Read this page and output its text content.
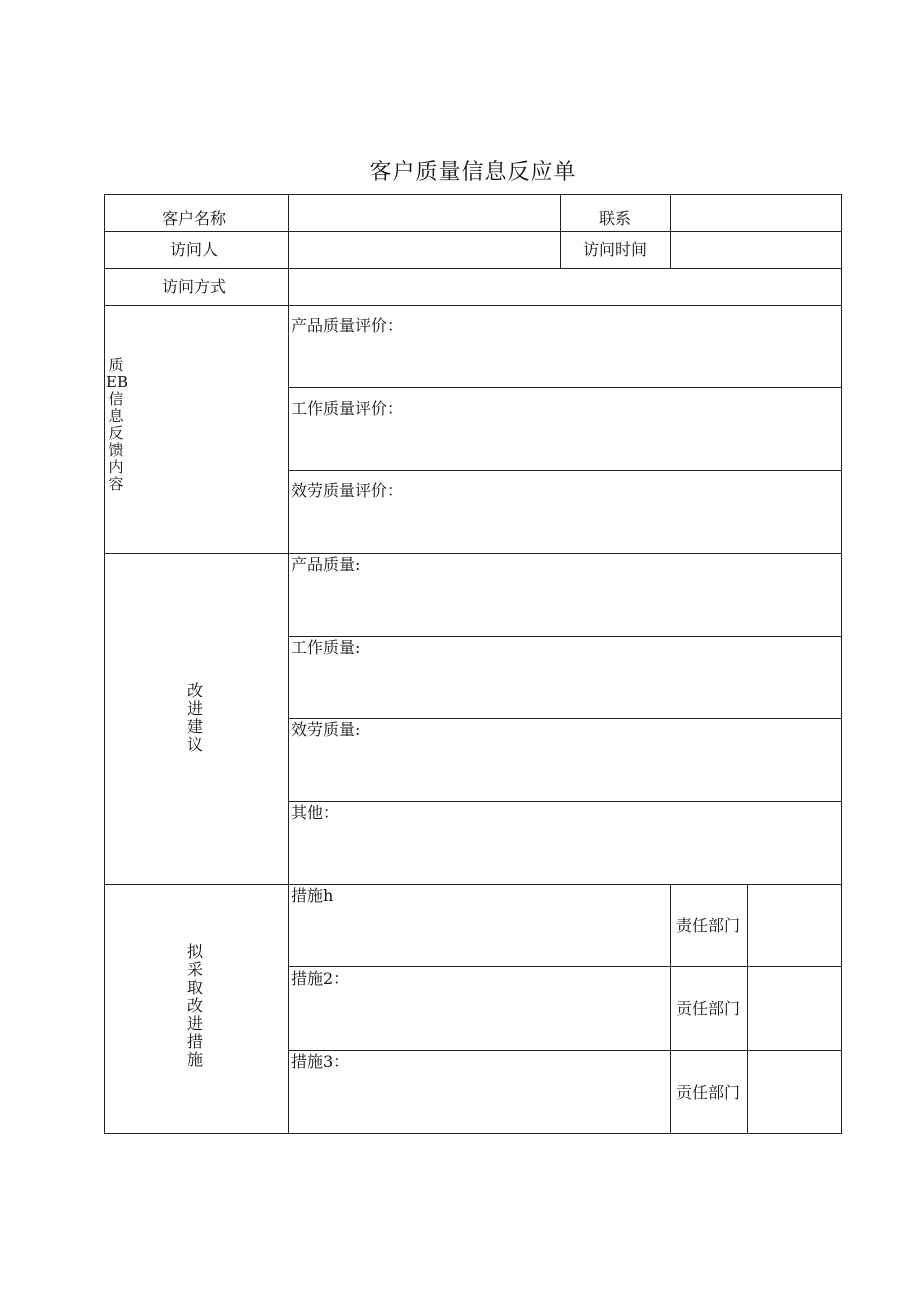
客户质量信息反应单
客户名称	联系
访问人	访问时间
访问方式
质
EB
信
息
反
馈
内
容
产品质量评价：
工作质量评价：
效劳质量评价：
改
进
建
议
产品质量:
工作质量:
效劳质量:
其他：
拟
采
取
改
进
措
施
措施h
责任部门
措施2：
贡任部门
措施3：
贡任部门
